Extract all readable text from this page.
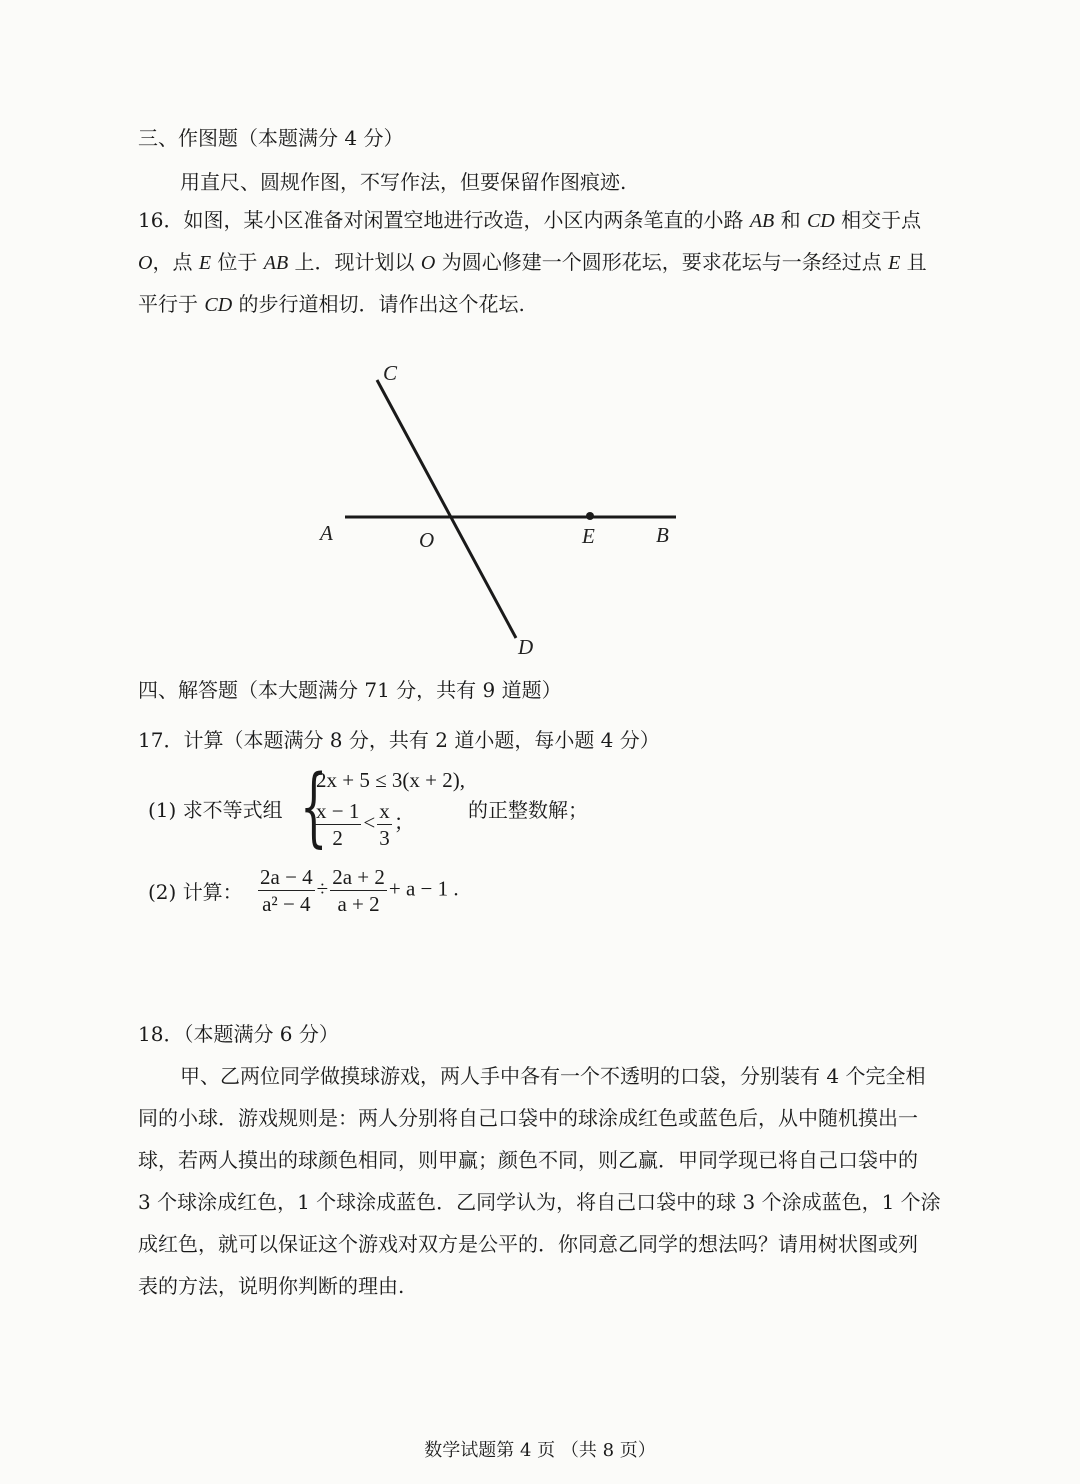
三、作图题（本题满分 4 分）
用直尺、圆规作图，不写作法，但要保留作图痕迹.
16．如图，某小区准备对闲置空地进行改造，小区内两条笔直的小路 AB 和 CD 相交于点
O，点 E 位于 AB 上．现计划以 O 为圆心修建一个圆形花坛，要求花坛与一条经过点 E 且
平行于 CD 的步行道相切．请作出这个花坛.
C
A	O	E	B
D
四、解答题（本大题满分 71 分，共有 9 道题）
17．计算（本题满分 8 分，共有 2 道小题，每小题 4 分）
(1) 求不等式组 {
2x + 5 ≤ 3(x + 2),
$\frac{x - 1}{2} < \frac{x}{3}$ ；
的正整数解；
(2) 计算： $\frac{2a - 4}{\text{a² − 4}} \div \frac{2a + 2}{a + 2} + a - 1$ .
18．（本题满分 6 分）
甲、乙两位同学做摸球游戏，两人手中各有一个不透明的口袋，分别装有 4 个完全相
同的小球．游戏规则是：两人分别将自己口袋中的球涂成红色或蓝色后，从中随机摸出一
球，若两人摸出的球颜色相同，则甲赢；颜色不同，则乙赢．甲同学现已将自己口袋中的
3 个球涂成红色，1 个球涂成蓝色．乙同学认为，将自己口袋中的球 3 个涂成蓝色，1 个涂
成红色，就可以保证这个游戏对双方是公平的．你同意乙同学的想法吗？请用树状图或列
表的方法，说明你判断的理由.
数学试题第 4 页 （共 8 页）
